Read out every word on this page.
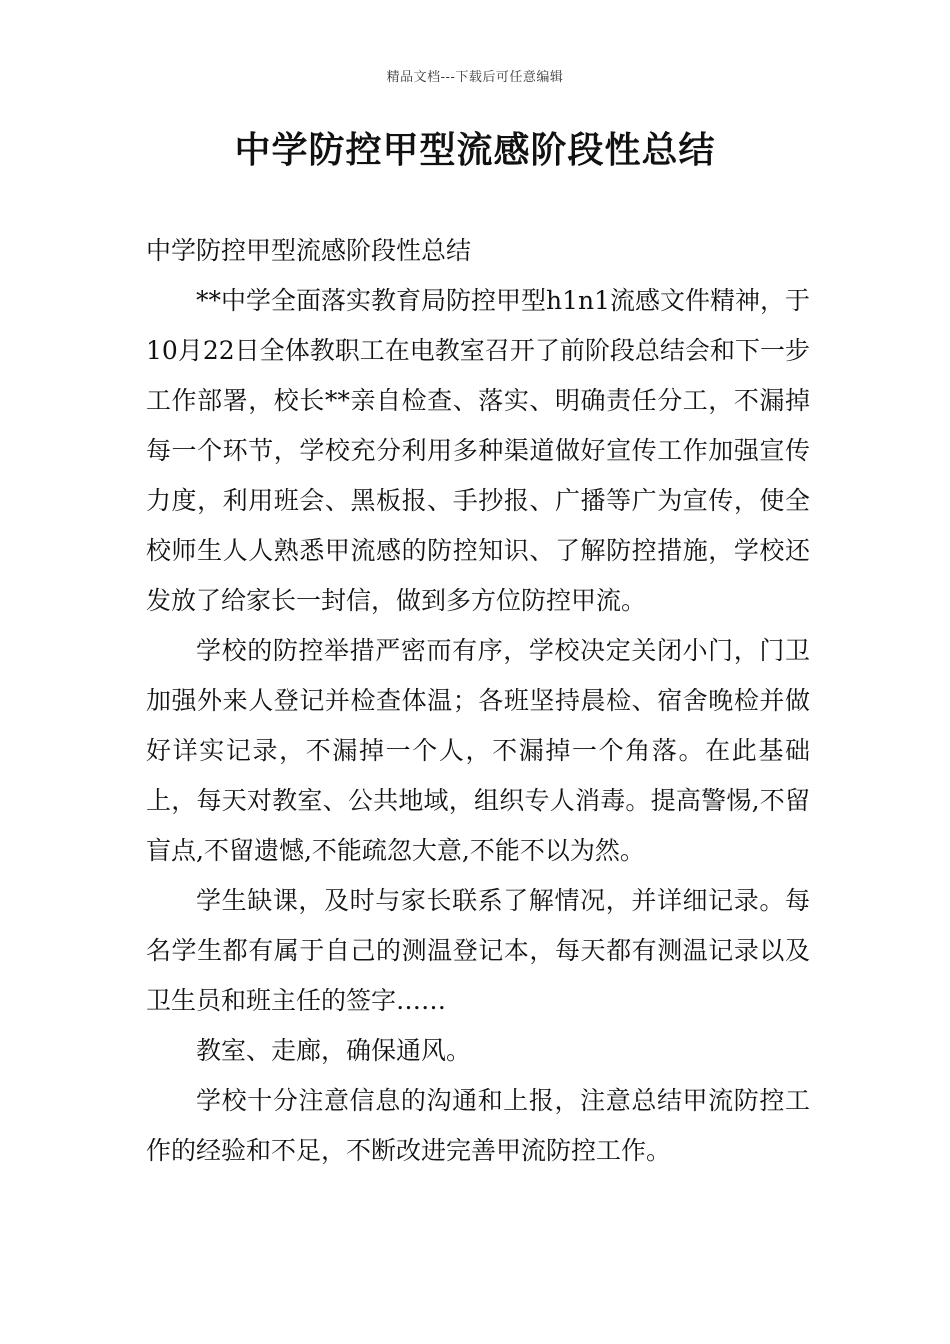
精品文档---下载后可任意编辑
中学防控甲型流感阶段性总结

中学防控甲型流感阶段性总结

**中学全面落实教育局防控甲型h1n1流感文件精神，于10月22日全体教职工在电教室召开了前阶段总结会和下一步工作部署，校长**亲自检查、落实、明确责任分工，不漏掉每一个环节，学校充分利用多种渠道做好宣传工作加强宣传力度，利用班会、黑板报、手抄报、广播等广为宣传，使全校师生人人熟悉甲流感的防控知识、了解防控措施，学校还发放了给家长一封信，做到多方位防控甲流。

学校的防控举措严密而有序，学校决定关闭小门，门卫加强外来人登记并检查体温；各班坚持晨检、宿舍晚检并做好详实记录，不漏掉一个人，不漏掉一个角落。在此基础上，每天对教室、公共地域，组织专人消毒。提高警惕,不留盲点,不留遗憾,不能疏忽大意,不能不以为然。

学生缺课，及时与家长联系了解情况，并详细记录。每名学生都有属于自己的测温登记本，每天都有测温记录以及卫生员和班主任的签字……

教室、走廊，确保通风。

学校十分注意信息的沟通和上报，注意总结甲流防控工作的经验和不足，不断改进完善甲流防控工作。
